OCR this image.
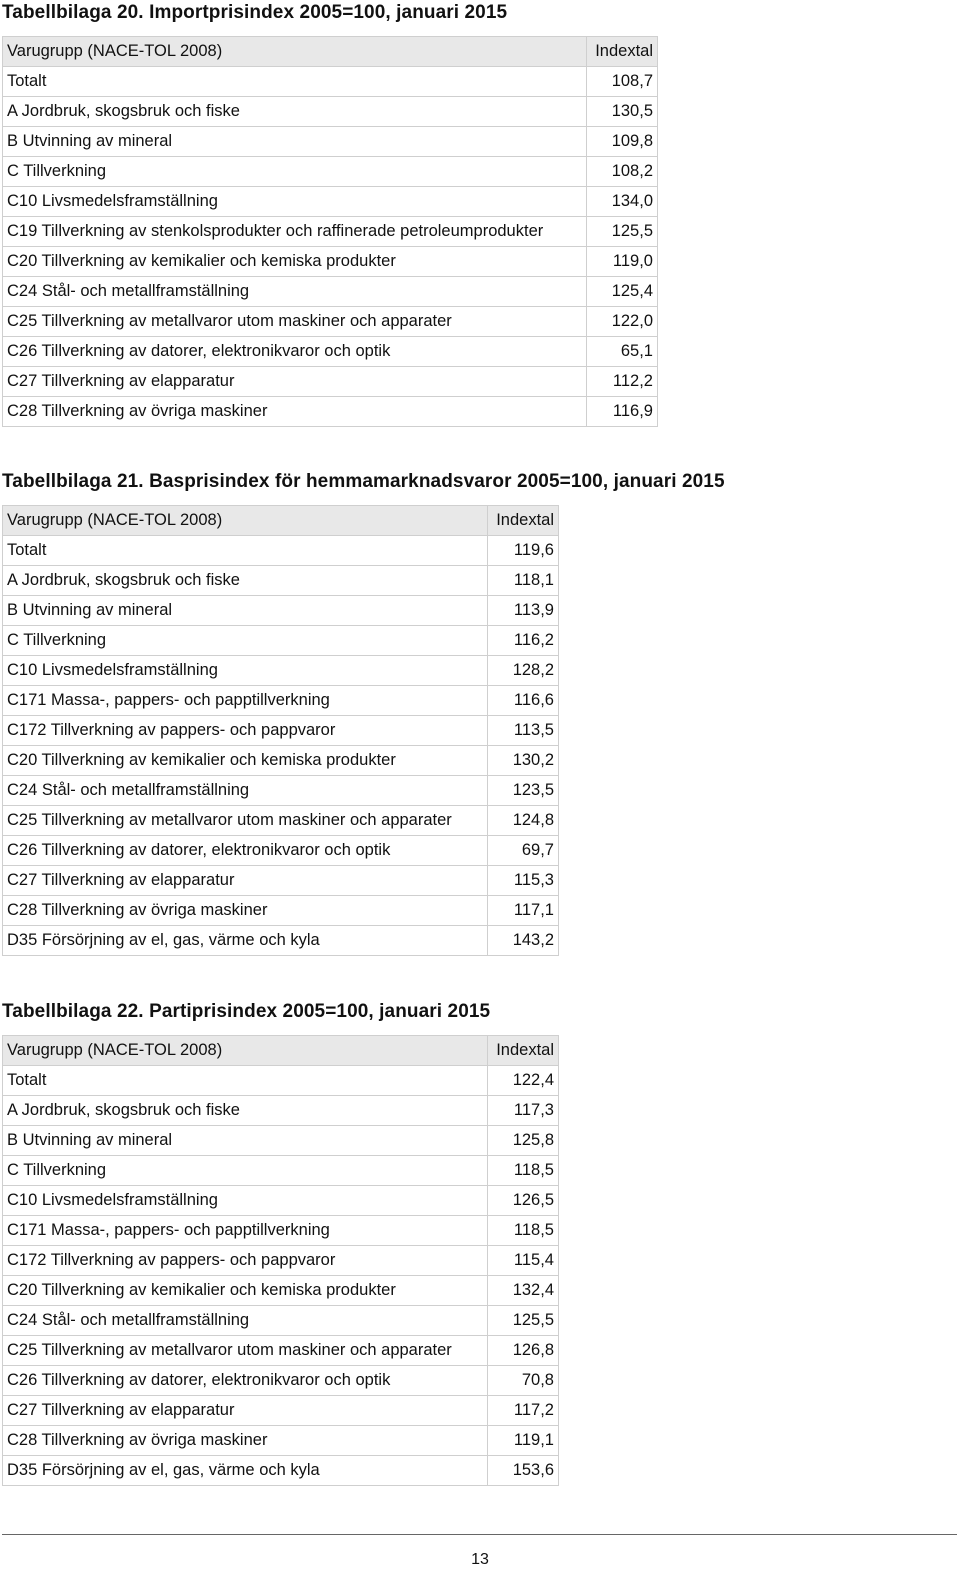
Tabellbilaga 20. Importprisindex 2005=100, januari 2015
Varugrupp (NACE-TOL 2008)	Indextal
Totalt	108,7
A Jordbruk, skogsbruk och fiske	130,5
B Utvinning av mineral	109,8
C Tillverkning	108,2
C10 Livsmedelsframställning	134,0
C19 Tillverkning av stenkolsprodukter och raffinerade petroleumprodukter	125,5
C20 Tillverkning av kemikalier och kemiska produkter	119,0
C24 Stål- och metallframställning	125,4
C25 Tillverkning av metallvaror utom maskiner och apparater	122,0
C26 Tillverkning av datorer, elektronikvaror och optik	65,1
C27 Tillverkning av elapparatur	112,2
C28 Tillverkning av övriga maskiner	116,9
Tabellbilaga 21. Basprisindex för hemmamarknadsvaror 2005=100, januari 2015
Varugrupp (NACE-TOL 2008)	Indextal
Totalt	119,6
A Jordbruk, skogsbruk och fiske	118,1
B Utvinning av mineral	113,9
C Tillverkning	116,2
C10 Livsmedelsframställning	128,2
C171 Massa-, pappers- och papptillverkning	116,6
C172 Tillverkning av pappers- och pappvaror	113,5
C20 Tillverkning av kemikalier och kemiska produkter	130,2
C24 Stål- och metallframställning	123,5
C25 Tillverkning av metallvaror utom maskiner och apparater	124,8
C26 Tillverkning av datorer, elektronikvaror och optik	69,7
C27 Tillverkning av elapparatur	115,3
C28 Tillverkning av övriga maskiner	117,1
D35 Försörjning av el, gas, värme och kyla	143,2
Tabellbilaga 22. Partiprisindex 2005=100, januari 2015
Varugrupp (NACE-TOL 2008)	Indextal
Totalt	122,4
A Jordbruk, skogsbruk och fiske	117,3
B Utvinning av mineral	125,8
C Tillverkning	118,5
C10 Livsmedelsframställning	126,5
C171 Massa-, pappers- och papptillverkning	118,5
C172 Tillverkning av pappers- och pappvaror	115,4
C20 Tillverkning av kemikalier och kemiska produkter	132,4
C24 Stål- och metallframställning	125,5
C25 Tillverkning av metallvaror utom maskiner och apparater	126,8
C26 Tillverkning av datorer, elektronikvaror och optik	70,8
C27 Tillverkning av elapparatur	117,2
C28 Tillverkning av övriga maskiner	119,1
D35 Försörjning av el, gas, värme och kyla	153,6
13
